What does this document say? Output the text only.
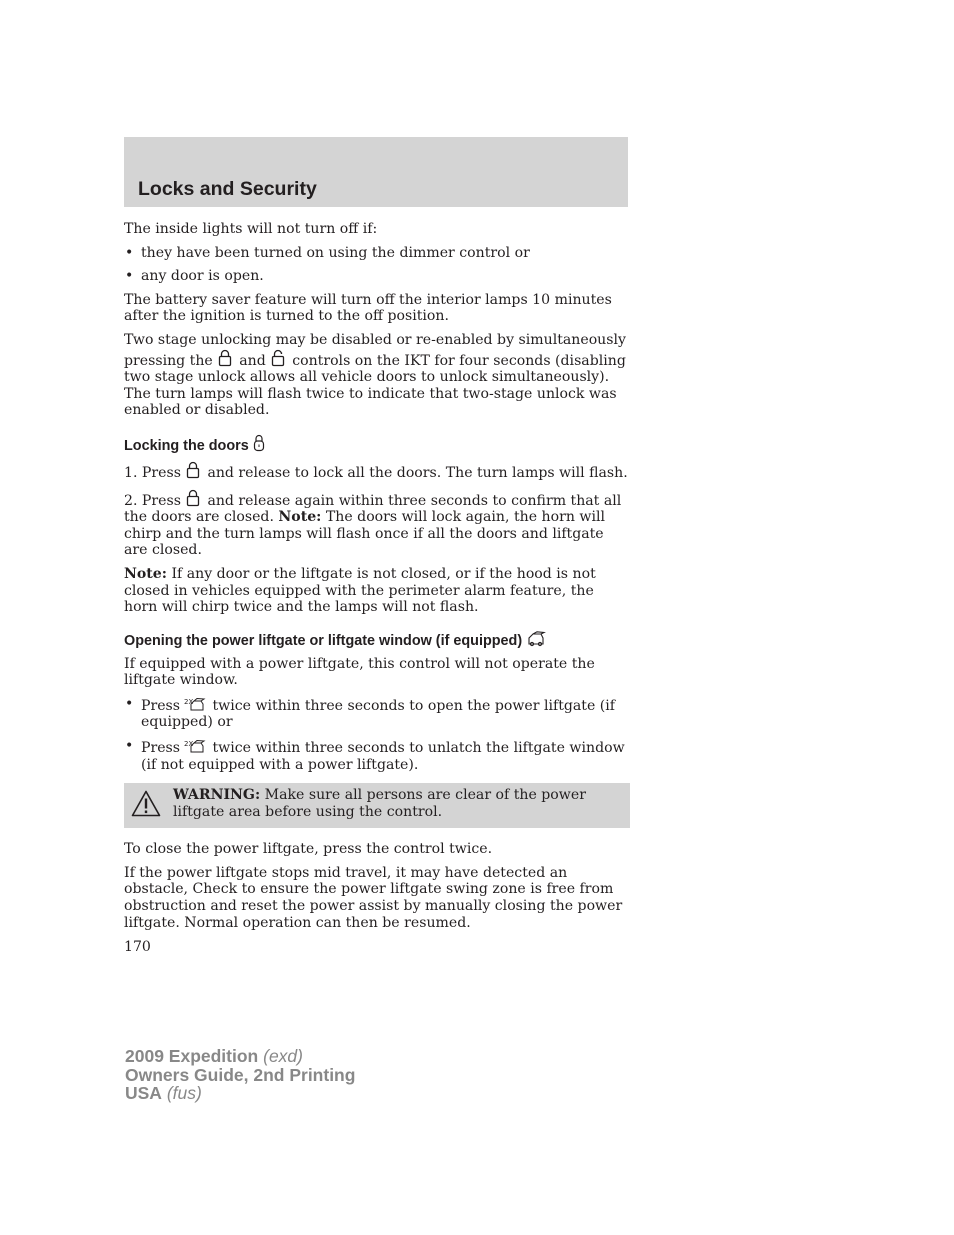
Locks and Security

The inside lights will not turn off if:

• they have been turned on using the dimmer control or
• any door is open.

The battery saver feature will turn off the interior lamps 10 minutes after the ignition is turned to the off position.

Two stage unlocking may be disabled or re-enabled by simultaneously pressing the and controls on the IKT for four seconds (disabling two stage unlock allows all vehicle doors to unlock simultaneously). The turn lamps will flash twice to indicate that two-stage unlock was enabled or disabled.

Locking the doors

1. Press and release to lock all the doors. The turn lamps will flash.

2. Press and release again within three seconds to confirm that all the doors are closed. Note: The doors will lock again, the horn will chirp and the turn lamps will flash once if all the doors and liftgate are closed.

Note: If any door or the liftgate is not closed, or if the hood is not closed in vehicles equipped with the perimeter alarm feature, the horn will chirp twice and the lamps will not flash.

Opening the power liftgate or liftgate window (if equipped)

If equipped with a power liftgate, this control will not operate the liftgate window.

• Press 2X twice within three seconds to open the power liftgate (if equipped) or
• Press 2X twice within three seconds to unlatch the liftgate window (if not equipped with a power liftgate).
WARNING: Make sure all persons are clear of the power liftgate area before using the control.

To close the power liftgate, press the control twice.

If the power liftgate stops mid travel, it may have detected an obstacle, Check to ensure the power liftgate swing zone is free from obstruction and reset the power assist by manually closing the power liftgate. Normal operation can then be resumed.

170
2009 Expedition (exd)
Owners Guide, 2nd Printing
USA (fus)
